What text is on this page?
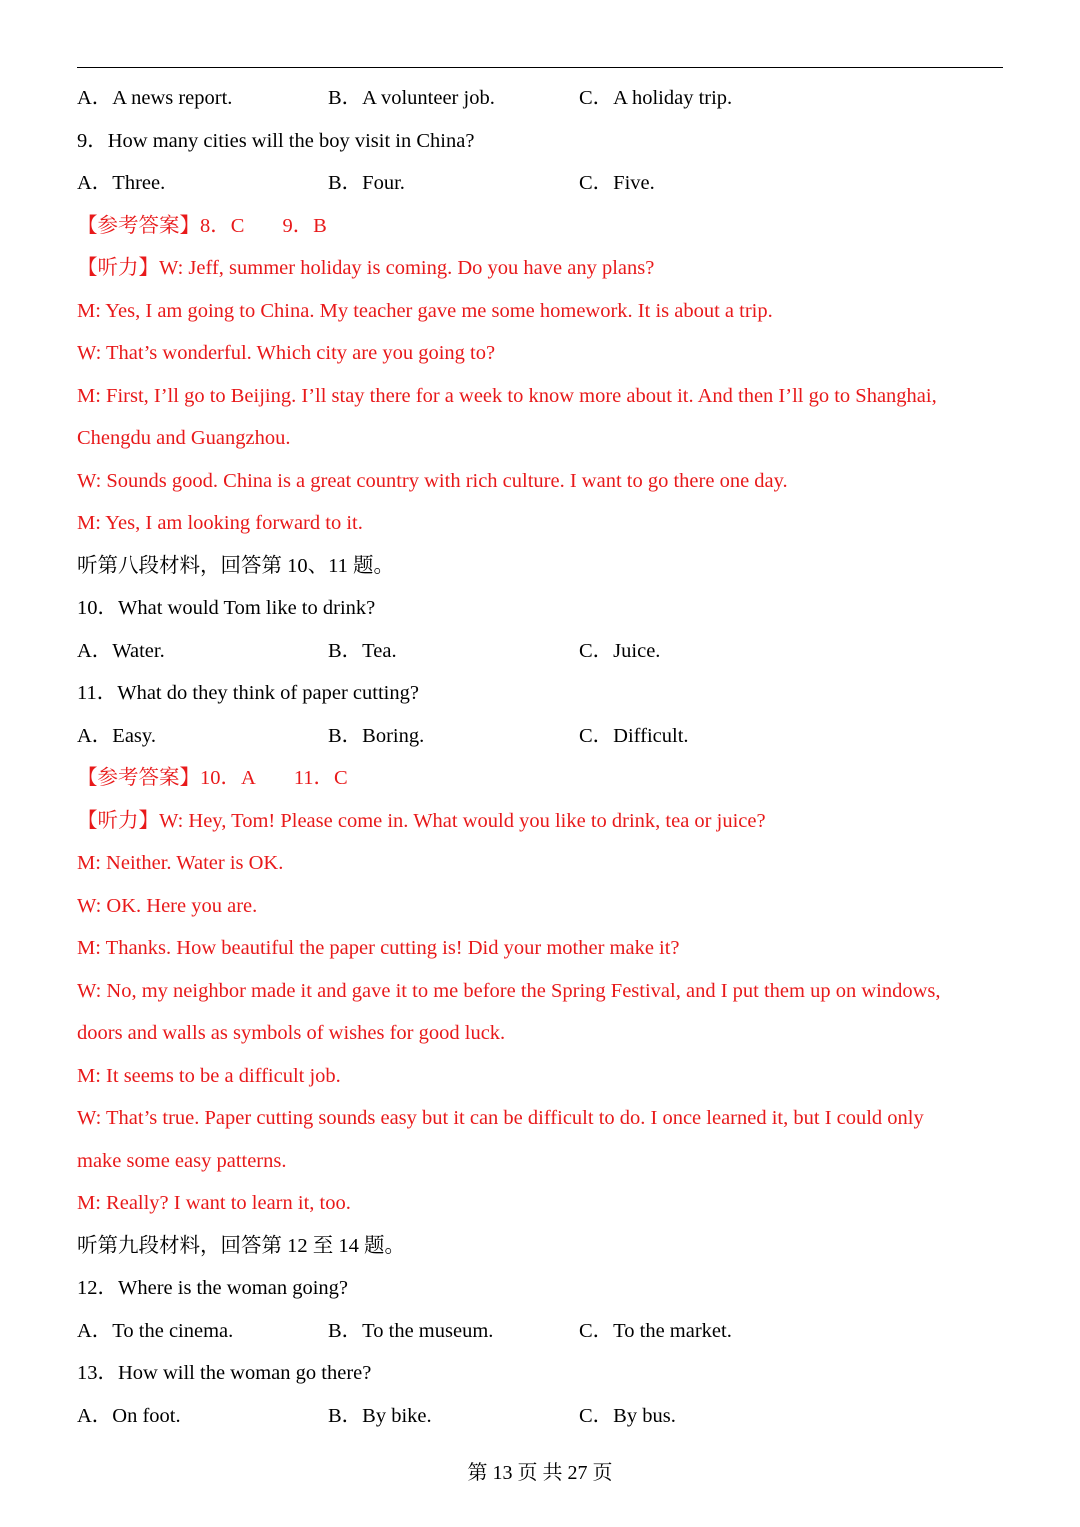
A．A news report.	B．A volunteer job.	C．A holiday trip.
9．How many cities will the boy visit in China?
A．Three.	B．Four.	C．Five.
【参考答案】8．C 9．B
【听力】W: Jeff, summer holiday is coming. Do you have any plans?
M: Yes, I am going to China. My teacher gave me some homework. It is about a trip.
W: That’s wonderful. Which city are you going to?
M: First, I’ll go to Beijing. I’ll stay there for a week to know more about it. And then I’ll go to Shanghai,
Chengdu and Guangzhou.
W: Sounds good. China is a great country with rich culture. I want to go there one day.
M: Yes, I am looking forward to it.
听第八段材料，回答第 10、11 题。
10．What would Tom like to drink?
A．Water.	B．Tea.	C．Juice.
11．What do they think of paper cutting?
A．Easy.	B．Boring.	C．Difficult.
【参考答案】10．A 11．C
【听力】W: Hey, Tom! Please come in. What would you like to drink, tea or juice?
M: Neither. Water is OK.
W: OK. Here you are.
M: Thanks. How beautiful the paper cutting is! Did your mother make it?
W: No, my neighbor made it and gave it to me before the Spring Festival, and I put them up on windows,
doors and walls as symbols of wishes for good luck.
M: It seems to be a difficult job.
W: That’s true. Paper cutting sounds easy but it can be difficult to do. I once learned it, but I could only
make some easy patterns.
M: Really? I want to learn it, too.
听第九段材料，回答第 12 至 14 题。
12．Where is the woman going?
A．To the cinema.	B．To the museum.	C．To the market.
13．How will the woman go there?
A．On foot.	B．By bike.	C．By bus.
第 13 页 共 27 页
